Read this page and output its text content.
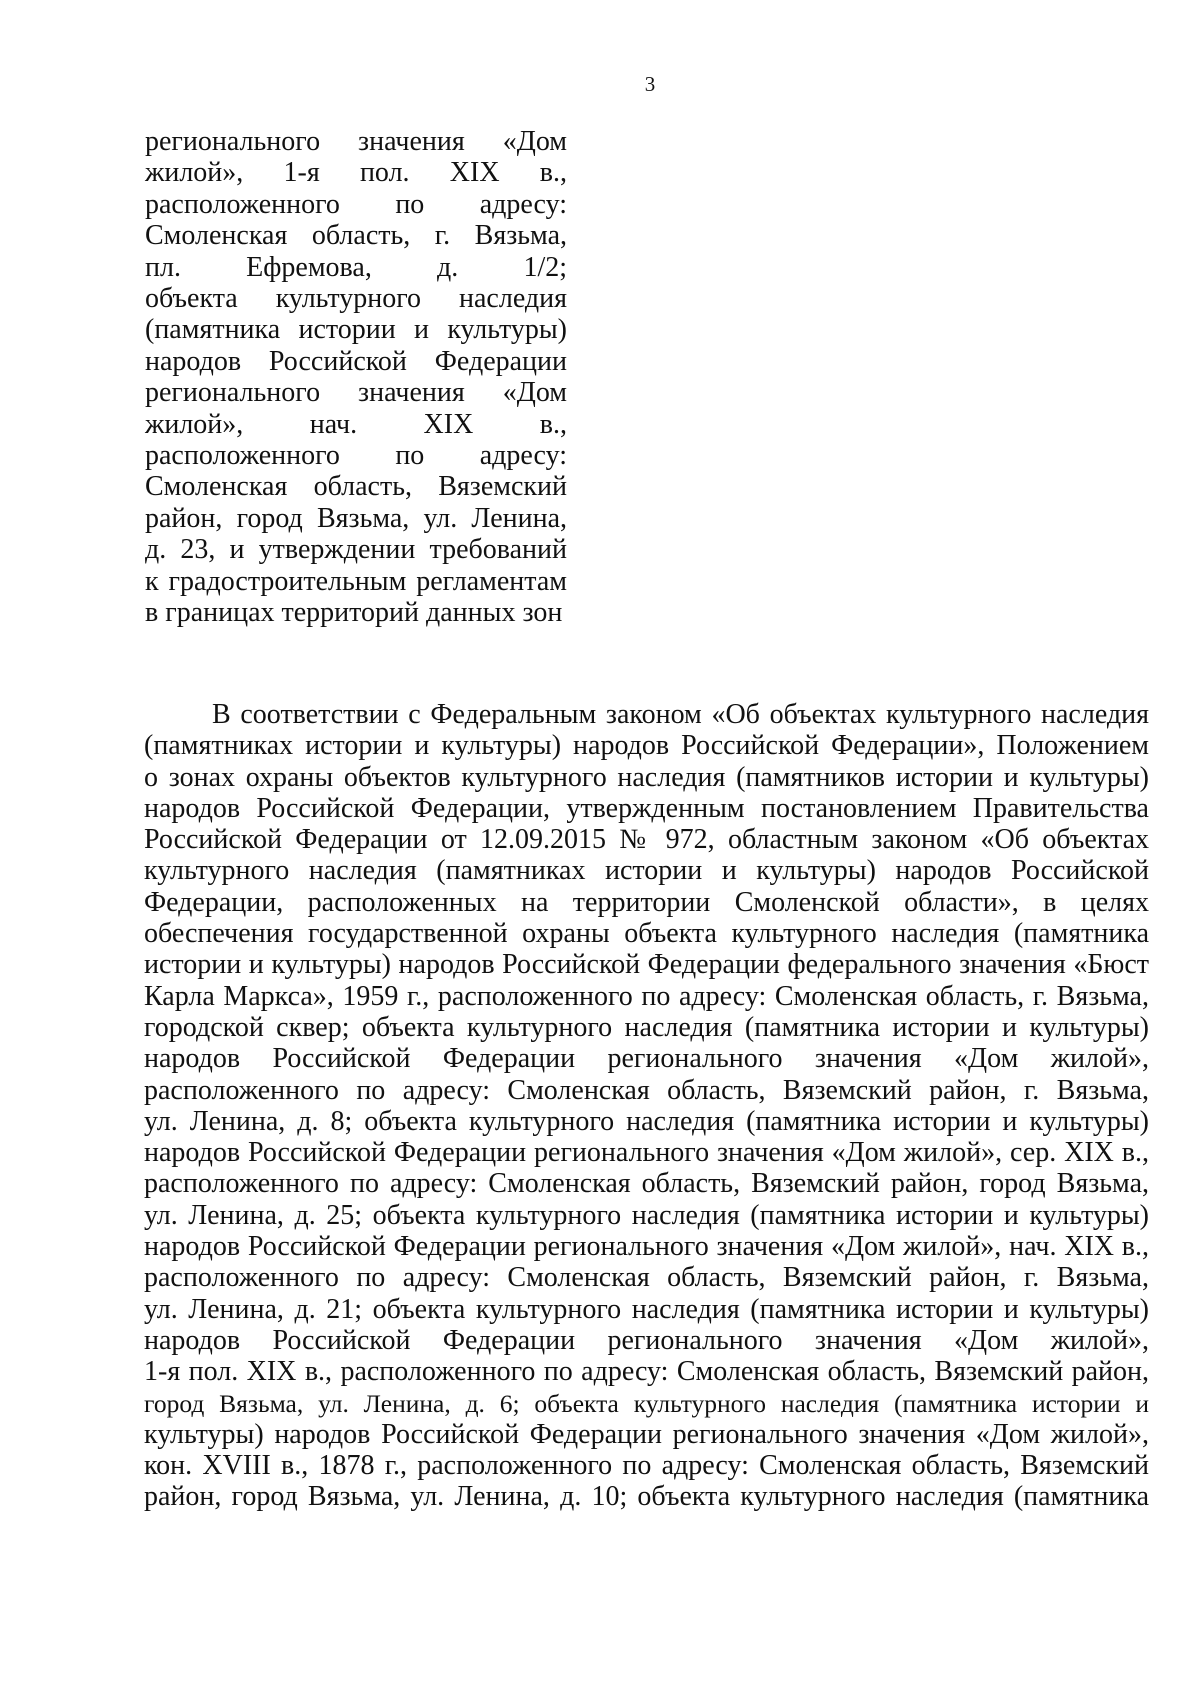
3
регионального значения «Дом
жилой», 1-я пол. XIX в.,
расположенного по адресу:
Смоленская область, г. Вязьма,
пл. Ефремова, д. 1/2;
объекта культурного наследия
(памятника истории и культуры)
народов Российской Федерации
регионального значения «Дом
жилой», нач. XIX в.,
расположенного по адресу:
Смоленская область, Вяземский
район, город Вязьма, ул. Ленина,
д. 23, и утверждении требований
к градостроительным регламентам
в границах территорий данных зон
В соответствии с Федеральным законом «Об объектах культурного наследия
(памятниках истории и культуры) народов Российской Федерации», Положением
о зонах охраны объектов культурного наследия (памятников истории и культуры)
народов Российской Федерации, утвержденным постановлением Правительства
Российской Федерации от 12.09.2015 № 972, областным законом «Об объектах
культурного наследия (памятниках истории и культуры) народов Российской
Федерации, расположенных на территории Смоленской области», в целях
обеспечения государственной охраны объекта культурного наследия (памятника
истории и культуры) народов Российской Федерации федерального значения «Бюст
Карла Маркса», 1959 г., расположенного по адресу: Смоленская область, г. Вязьма,
городской сквер; объекта культурного наследия (памятника истории и культуры)
народов Российской Федерации регионального значения «Дом жилой»,
расположенного по адресу: Смоленская область, Вяземский район, г. Вязьма,
ул. Ленина, д. 8; объекта культурного наследия (памятника истории и культуры)
народов Российской Федерации регионального значения «Дом жилой», сер. XIX в.,
расположенного по адресу: Смоленская область, Вяземский район, город Вязьма,
ул. Ленина, д. 25; объекта культурного наследия (памятника истории и культуры)
народов Российской Федерации регионального значения «Дом жилой», нач. XIX в.,
расположенного по адресу: Смоленская область, Вяземский район, г. Вязьма,
ул. Ленина, д. 21; объекта культурного наследия (памятника истории и культуры)
народов Российской Федерации регионального значения «Дом жилой»,
1-я пол. XIX в., расположенного по адресу: Смоленская область, Вяземский район,
город Вязьма, ул. Ленина, д. 6; объекта культурного наследия (памятника истории и
культуры) народов Российской Федерации регионального значения «Дом жилой»,
кон. XVIII в., 1878 г., расположенного по адресу: Смоленская область, Вяземский
район, город Вязьма, ул. Ленина, д. 10; объекта культурного наследия (памятника
